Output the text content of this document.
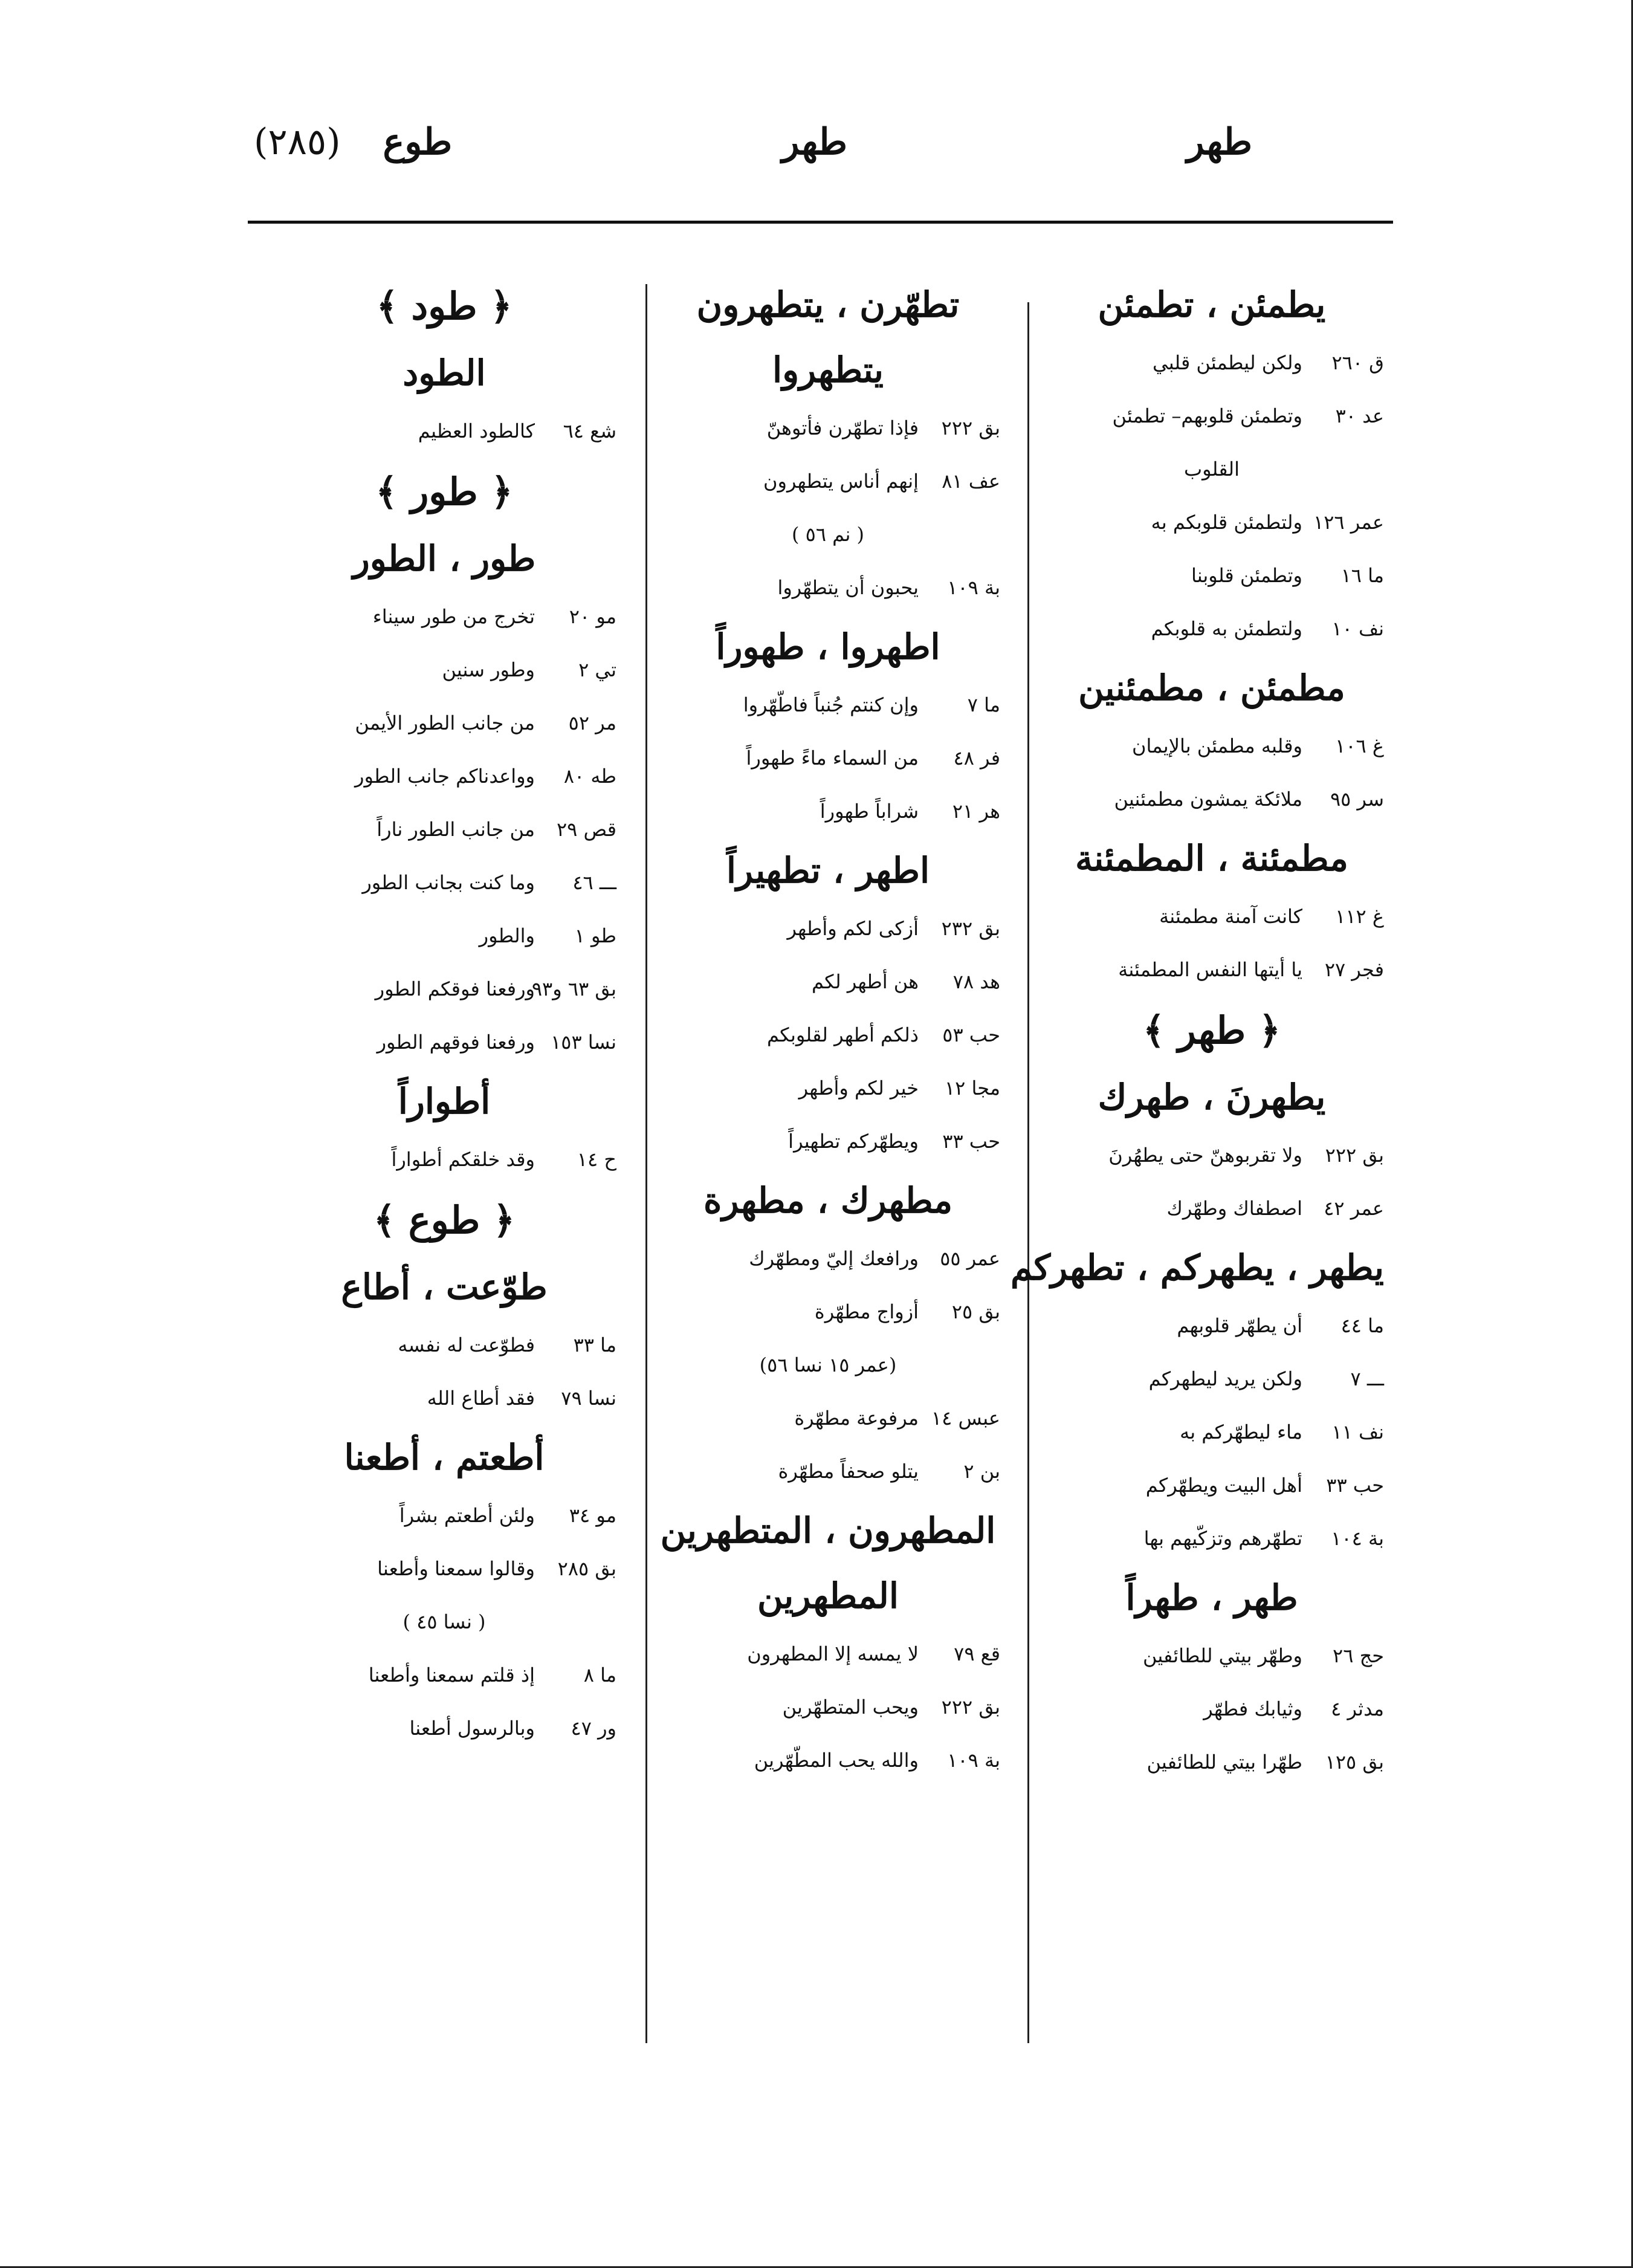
طهر
طهر
طوع(٢٨٥)
يطمئن ، تطمئن
ق ٢٦٠ولكن ليطمئن قلبي
عد ٣٠وتطمئن قلوبهم– تطمئن
القلوب
عمر ١٢٦ولتطمئن قلوبكم به
ما ١٦وتطمئن قلوبنا
نف ١٠ولتطمئن به قلوبكم
مطمئن ، مطمئنين
غ ١٠٦وقلبه مطمئن بالإيمان
سر ٩٥ملائكة يمشون مطمئنين
مطمئنة ، المطمئنة
غ ١١٢كانت آمنة مطمئنة
فجر ٢٧يا أيتها النفس المطمئنة
﴿ طهر ﴾
يطهرنَ ، طهرك
بق ٢٢٢ولا تقربوهنّ حتى يطهُرنَ
عمر ٤٢اصطفاك وطهّرك
يطهر ، يطهركم ، تطهركم
ما ٤٤أن يطهّر قلوبهم
ـــ ٧ولكن يريد ليطهركم
نف ١١ماء ليطهّركم به
حب ٣٣أهل البيت ويطهّركم
بة ١٠٤تطهّرهم وتزكّيهم بها
طهر ، طهراً
حج ٢٦وطهّر بيتي للطائفين
مدثر ٤وثيابك فطهّر
بق ١٢٥طهّرا بيتي للطائفين
تطهّرن ، يتطهرون
يتطهروا
بق ٢٢٢فإذا تطهّرن فأتوهنّ
عف ٨١إنهم أناس يتطهرون
( نم ٥٦ )
بة ١٠٩يحبون أن يتطهّروا
اطهروا ، طهوراً
ما ٧وإن كنتم جُنباً فاطّهّروا
فر ٤٨من السماء ماءً طهوراً
هر ٢١شراباً طهوراً
اطهر ، تطهيراً
بق ٢٣٢أزكى لكم وأطهر
هد ٧٨هن أطهر لكم
حب ٥٣ذلكم أطهر لقلوبكم
مجا ١٢خير لكم وأطهر
حب ٣٣ويطهّركم تطهيراً
مطهرك ، مطهرة
عمر ٥٥ورافعك إليّ ومطهّرك
بق ٢٥أزواج مطهّرة
(عمر ١٥ نسا ٥٦)
عبس ١٤مرفوعة مطهّرة
بن ٢يتلو صحفاً مطهّرة
المطهرون ، المتطهرين
المطهرين
قع ٧٩لا يمسه إلا المطهرون
بق ٢٢٢ويحب المتطهّرين
بة ١٠٩والله يحب المطّهّرين
﴿ طود ﴾
الطود
شع ٦٤كالطود العظيم
﴿ طور ﴾
طور ، الطور
مو ٢٠تخرج من طور سيناء
تي ٢وطور سنين
مر ٥٢من جانب الطور الأيمن
طه ٨٠وواعدناكم جانب الطور
قص ٢٩من جانب الطور ناراً
ـــ ٤٦وما كنت بجانب الطور
طو ١والطور
بق ٦٣ و٩٣ورفعنا فوقكم الطور
نسا ١٥٣ورفعنا فوقهم الطور
أطواراً
ح ١٤وقد خلقكم أطواراً
﴿ طوع ﴾
طوّعت ، أطاع
ما ٣٣فطوّعت له نفسه
نسا ٧٩فقد أطاع الله
أطعتم ، أطعنا
مو ٣٤ولئن أطعتم بشراً
بق ٢٨٥وقالوا سمعنا وأطعنا
( نسا ٤٥ )
ما ٨إذ قلتم سمعنا وأطعنا
ور ٤٧وبالرسول أطعنا
